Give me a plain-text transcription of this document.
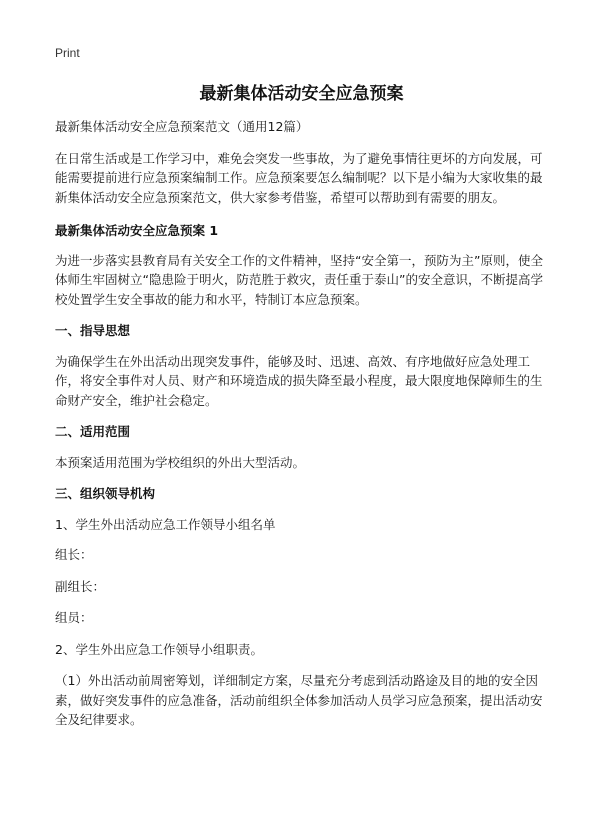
Print

最新集体活动安全应急预案

最新集体活动安全应急预案范文（通用12篇）

在日常生活或是工作学习中，难免会突发一些事故，为了避免事情往更坏的方向发展，可能需要提前进行应急预案编制工作。应急预案要怎么编制呢？以下是小编为大家收集的最新集体活动安全应急预案范文，供大家参考借鉴，希望可以帮助到有需要的朋友。

最新集体活动安全应急预案 1

为进一步落实县教育局有关安全工作的文件精神，坚持“安全第一，预防为主”原则，使全体师生牢固树立“隐患险于明火，防范胜于救灾，责任重于泰山”的安全意识，不断提高学校处置学生安全事故的能力和水平，特制订本应急预案。

一、指导思想

为确保学生在外出活动出现突发事件，能够及时、迅速、高效、有序地做好应急处理工作，将安全事件对人员、财产和环境造成的损失降至最小程度，最大限度地保障师生的生命财产安全，维护社会稳定。

二、适用范围

本预案适用范围为学校组织的外出大型活动。

三、组织领导机构

1、学生外出活动应急工作领导小组名单

组长：

副组长：

组员：

2、学生外出应急工作领导小组职责。

（1）外出活动前周密筹划，详细制定方案，尽量充分考虑到活动路途及目的地的安全因素，做好突发事件的应急准备，活动前组织全体参加活动人员学习应急预案，提出活动安全及纪律要求。
